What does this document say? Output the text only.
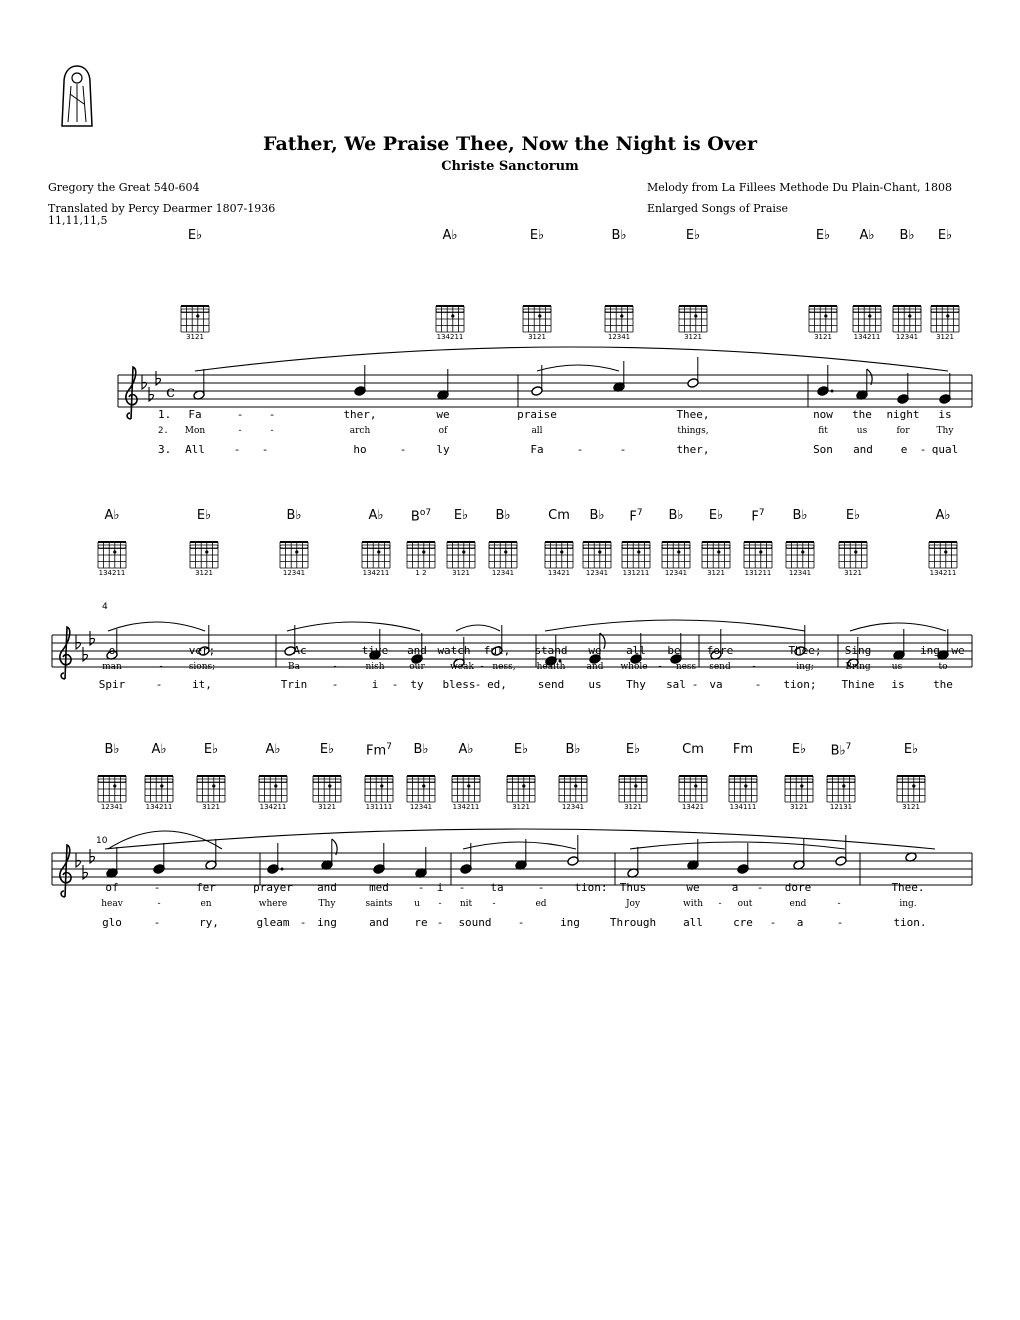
Father, We Praise Thee, Now the Night is Over
Christe Sanctorum
Gregory the Great 540-604
Translated by Percy Dearmer 1807-1936
11,11,11,5
Melody from La Fillees Methode Du Plain-Chant, 1808
Enlarged Songs of Praise
4
10
1.
2.
3.
c
E♭
3121
A♭
134211
E♭
3121
B♭
12341
E♭
3121
E♭
3121
A♭
134211
B♭
12341
E♭
3121
Fa	- -	ther,	we	praise	Thee,	now the night is
Mon	-	-	arch	of	all	things,	fit	us	for	Thy
All	- -	ho	-	ly	Fa	-	-	ther,	Son and	e - qual
A♭
134211
E♭
3121
B♭
12341
A♭
134211
$B^{o7}$
1 2
E♭
3121
B♭
12341
Cm
13421
B♭
12341
$F^7$
131211
B♭
12341
E♭
3121
$F^7$
131211
B♭
12341
E♭
3121
A♭
134211
o	- ver;	Ac	- tive and watch - ful, stand we all be - fore	Thee; Sing - ing we
man	-	sions;	Ba	-	nish	our	weak - ness, health and whole - ness send -	ing;	Bring us	to
Spir	-	it,	Trin -	i - ty bless - ed,	send us Thy sal - va	- tion; Thine is	the
B♭
12341
A♭
134211
E♭
3121
A♭
134211
E♭
3121
Fm$^7$
131111
B♭
12341
A♭
134211
E♭
3121
B♭
12341
E♭
3121
Cm
13421
Fm
134111
E♭
3121
B♭$^7$
12131
E♭
3121
of	-	fer	prayer and	med	- i - ta	-	tion: Thus	we	a - dore	Thee.
heav	-	en	where	Thy	saints u - nit -	ed	Joy	with - out	end	-	ing.
glo	-	ry,	gleam - ing	and re - sound -	ing	Through all	cre - a	-	tion.
